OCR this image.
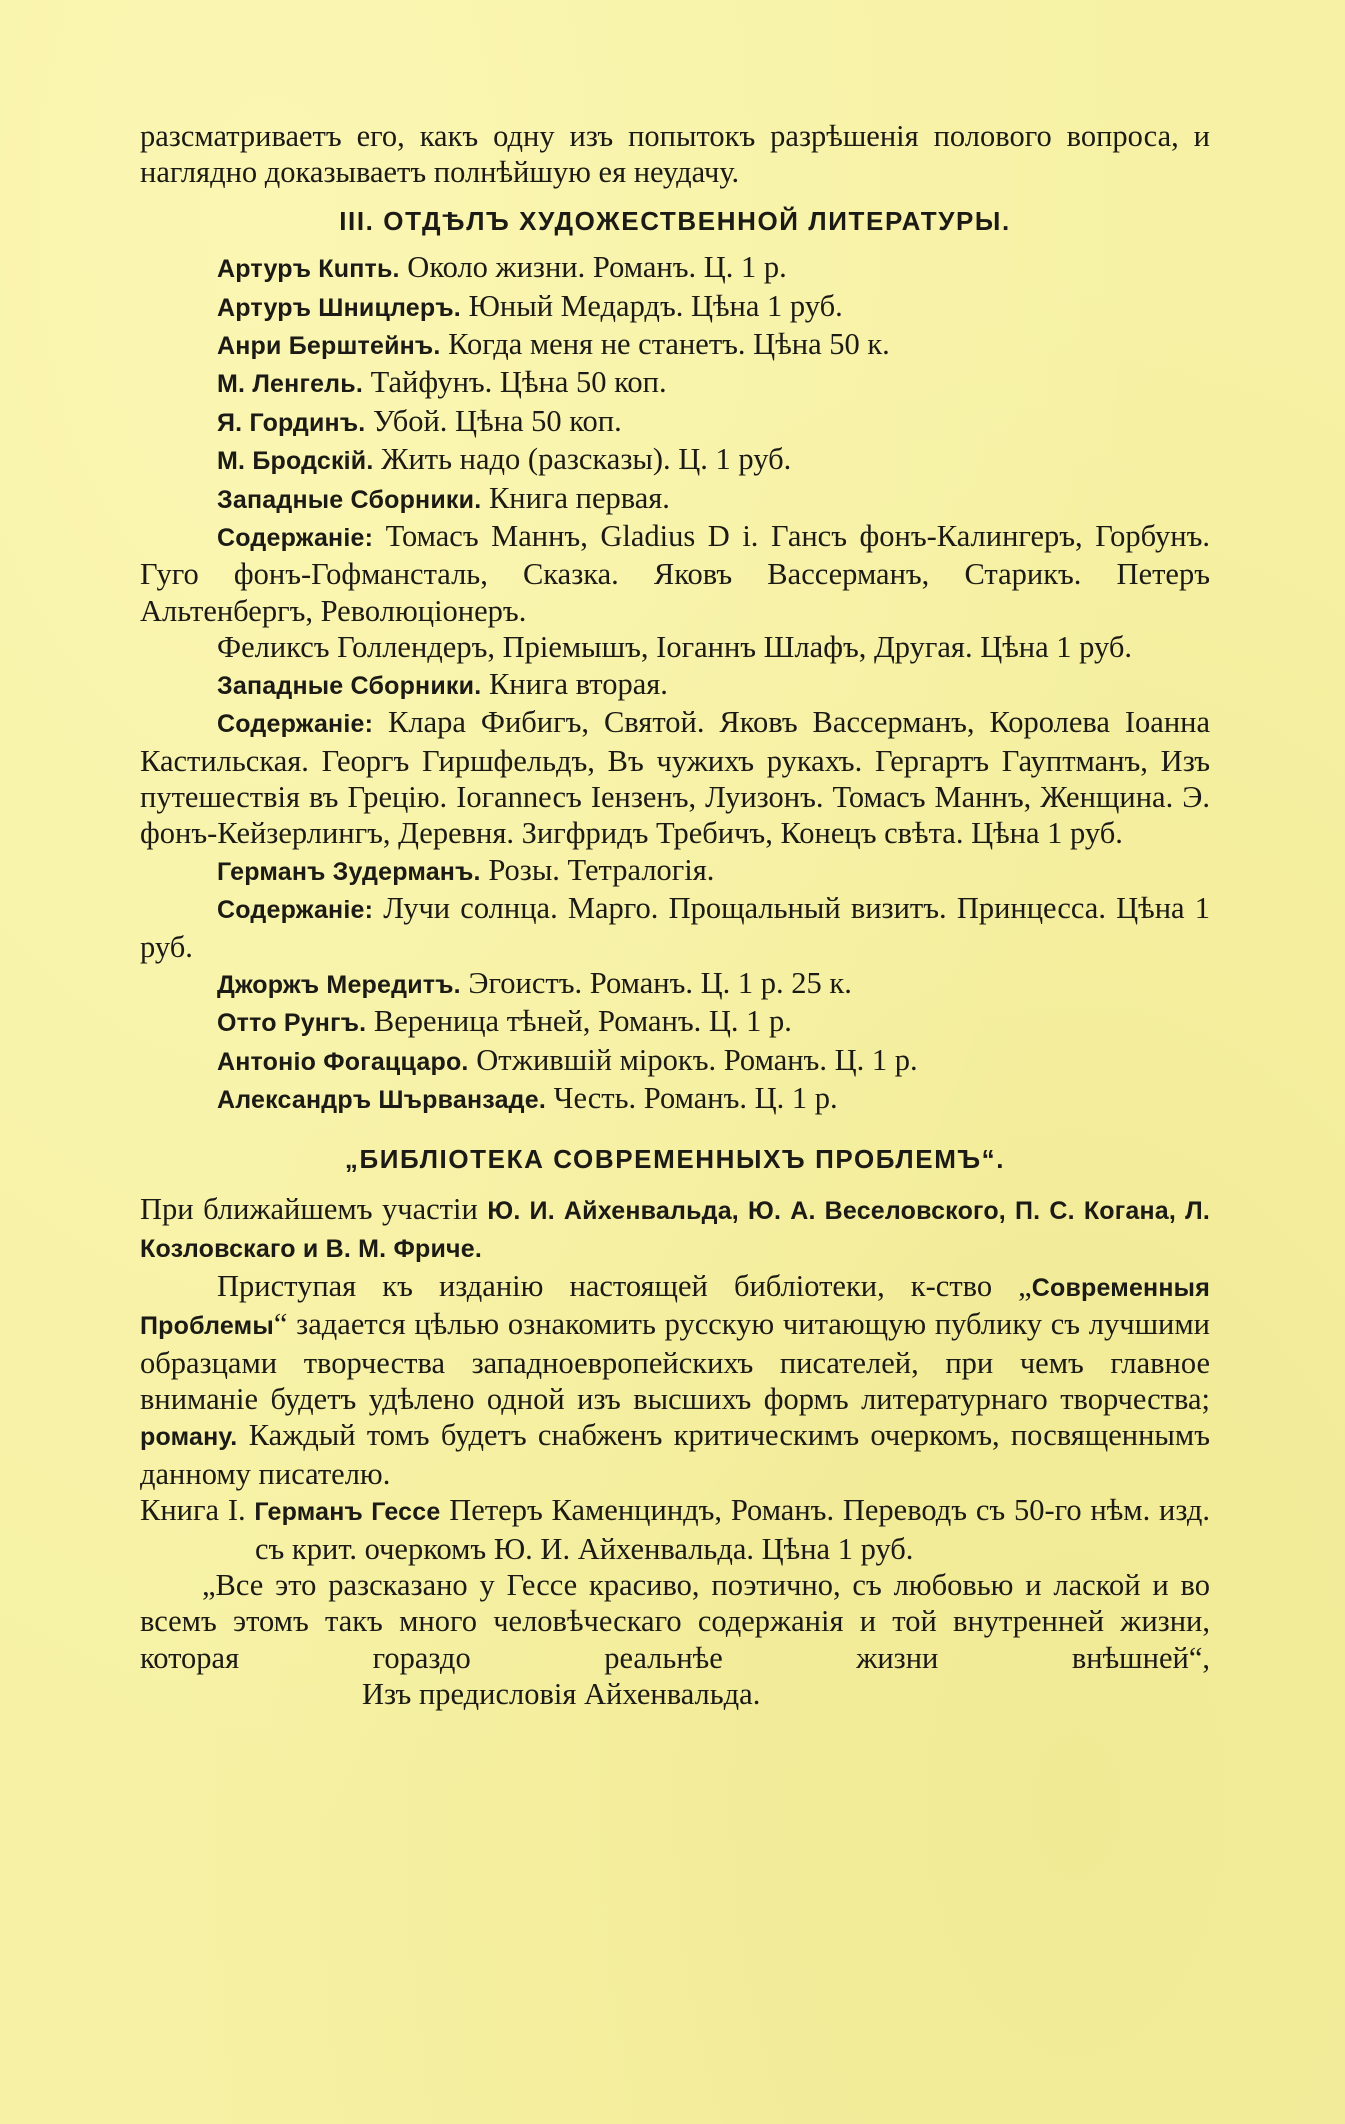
разсматриваетъ его, какъ одну изъ попытокъ разрѣшенія полового вопроса, и наглядно доказываетъ полнѣйшую ея неудачу.

III. ОТДѢЛЪ ХУДОЖЕСТВЕННОЙ ЛИТЕРАТУРЫ.

Артуръ Кuпть. Около жизни. Романъ. Ц. 1 р.

Артуръ Шницлеръ. Юный Медардъ. Цѣна 1 руб.

Анри Берштейнъ. Когда меня не станетъ. Цѣна 50 к.

М. Ленгель. Тайфунъ. Цѣна 50 коп.

Я. Гординъ. Убой. Цѣна 50 коп.

М. Бродскій. Жить надо (разсказы). Ц. 1 руб.

Западные Сборники. Книга первая.

Содержаніе: Томасъ Маннъ, Gladius D i. Гансъ фонъ-Калингеръ, Горбунъ. Гуго фонъ-Гофманcталь, Сказка. Яковъ Вассерманъ, Старикъ. Петеръ Альтенбергъ, Революціонеръ.

Феликсъ Голлендеръ, Пріемышъ, Іоганнъ Шлафъ, Другая. Цѣна 1 руб.

Западные Сборники. Книга вторая.

Содержаніе: Клара Фибигъ, Святой. Яковъ Вассерманъ, Королева Іоанна Кастильская. Георгъ Гиршфельдъ, Въ чужихъ рукахъ. Гергартъ Гауптманъ, Изъ путешествія въ Грецію. Іогannесъ Іензенъ, Луизонъ. Томасъ Маннъ, Женщина. Э. фонъ-Кейзерлингъ, Деревня. Зигфридъ Требичъ, Конецъ свѣта. Цѣна 1 руб.

Германъ Зудерманъ. Розы. Тетралогія.

Содержаніе: Лучи солнца. Марго. Прощальный визитъ. Принцесса. Цѣна 1 руб.

Джоржъ Мередитъ. Эгоистъ. Романъ. Ц. 1 р. 25 к.

Отто Рунгъ. Вереница тѣней, Романъ. Ц. 1 р.

Антоніо Фогаццаро. Отжившій мірокъ. Романъ. Ц. 1 р.

Александръ Шърванзаде. Честь. Романъ. Ц. 1 р.

„БИБЛІОТЕКА СОВРЕМЕННЫХЪ ПРОБЛЕМЪ“.

При ближайшемъ участіи Ю. И. Айхенвальда, Ю. А. Веселовского, П. С. Когана, Л. Козловскаго и В. М. Фриче.

Приступая къ изданію настоящей библіотеки, к-ство „Современныя Проблемы“ задается цѣлью ознакомить русскую читающую публику съ лучшими образцами творчества западноевропейскихъ писателей, при чемъ главное вниманіе будетъ удѣлено одной изъ высшихъ формъ литературнаго творчества; роману. Каждый томъ будетъ снабженъ критическимъ очеркомъ, посвященнымъ данному писателю.

Книга I. Германъ Гессе Петеръ Каменциндъ, Романъ. Переводъ съ 50-го нѣм. изд. съ крит. очеркомъ Ю. И. Айхенвальда. Цѣна 1 руб.

„Все это разсказано у Гессе красиво, поэтично, съ любовью и лаской и во всемъ этомъ такъ много человѣческаго содержанія и той внутренней жизни, которая гораздо реальнѣе жизни внѣшней“,Изъ предисловія Айхенвальда.
